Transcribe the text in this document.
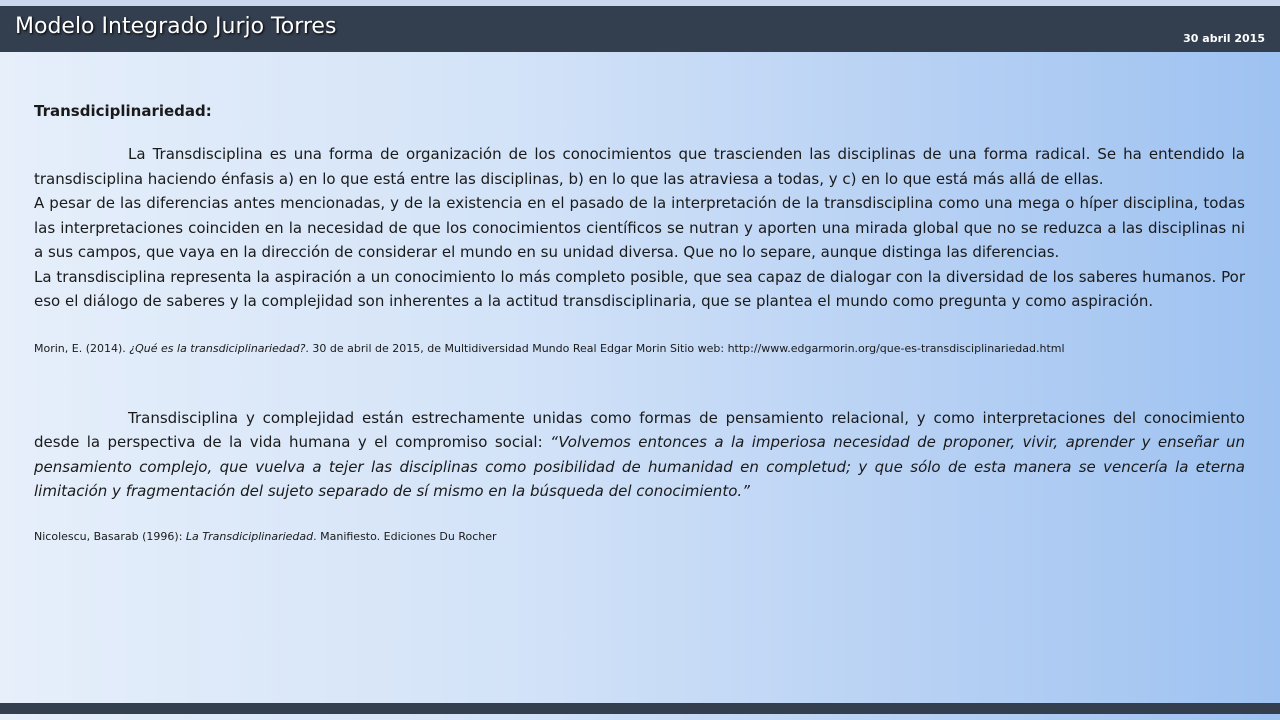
Modelo Integrado Jurjo Torres	30 abril 2015

Transdiciplinariedad:

La Transdisciplina es una forma de organización de los conocimientos que trascienden las disciplinas de una forma radical. Se ha entendido la transdisciplina haciendo énfasis a) en lo que está entre las disciplinas, b) en lo que las atraviesa a todas, y c) en lo que está más allá de ellas.

A pesar de las diferencias antes mencionadas, y de la existencia en el pasado de la interpretación de la transdisciplina como una mega o híper disciplina, todas las interpretaciones coinciden en la necesidad de que los conocimientos científicos se nutran y aporten una mirada global que no se reduzca a las disciplinas ni a sus campos, que vaya en la dirección de considerar el mundo en su unidad diversa. Que no lo separe, aunque distinga las diferencias.

La transdisciplina representa la aspiración a un conocimiento lo más completo posible, que sea capaz de dialogar con la diversidad de los saberes humanos. Por eso el diálogo de saberes y la complejidad son inherentes a la actitud transdisciplinaria, que se plantea el mundo como pregunta y como aspiración.

Morin, E. (2014). ¿Qué es la transdiciplinariedad?. 30 de abril de 2015, de Multidiversidad Mundo Real Edgar Morin Sitio web: http://www.edgarmorin.org/que-es-transdisciplinariedad.html

Transdisciplina y complejidad están estrechamente unidas como formas de pensamiento relacional, y como interpretaciones del conocimiento desde la perspectiva de la vida humana y el compromiso social: “Volvemos entonces a la imperiosa necesidad de proponer, vivir, aprender y enseñar un pensamiento complejo, que vuelva a tejer las disciplinas como posibilidad de humanidad en completud; y que sólo de esta manera se vencería la eterna limitación y fragmentación del sujeto separado de sí mismo en la búsqueda del conocimiento.”

Nicolescu, Basarab (1996): La Transdiciplinariedad. Manifiesto. Ediciones Du Rocher
